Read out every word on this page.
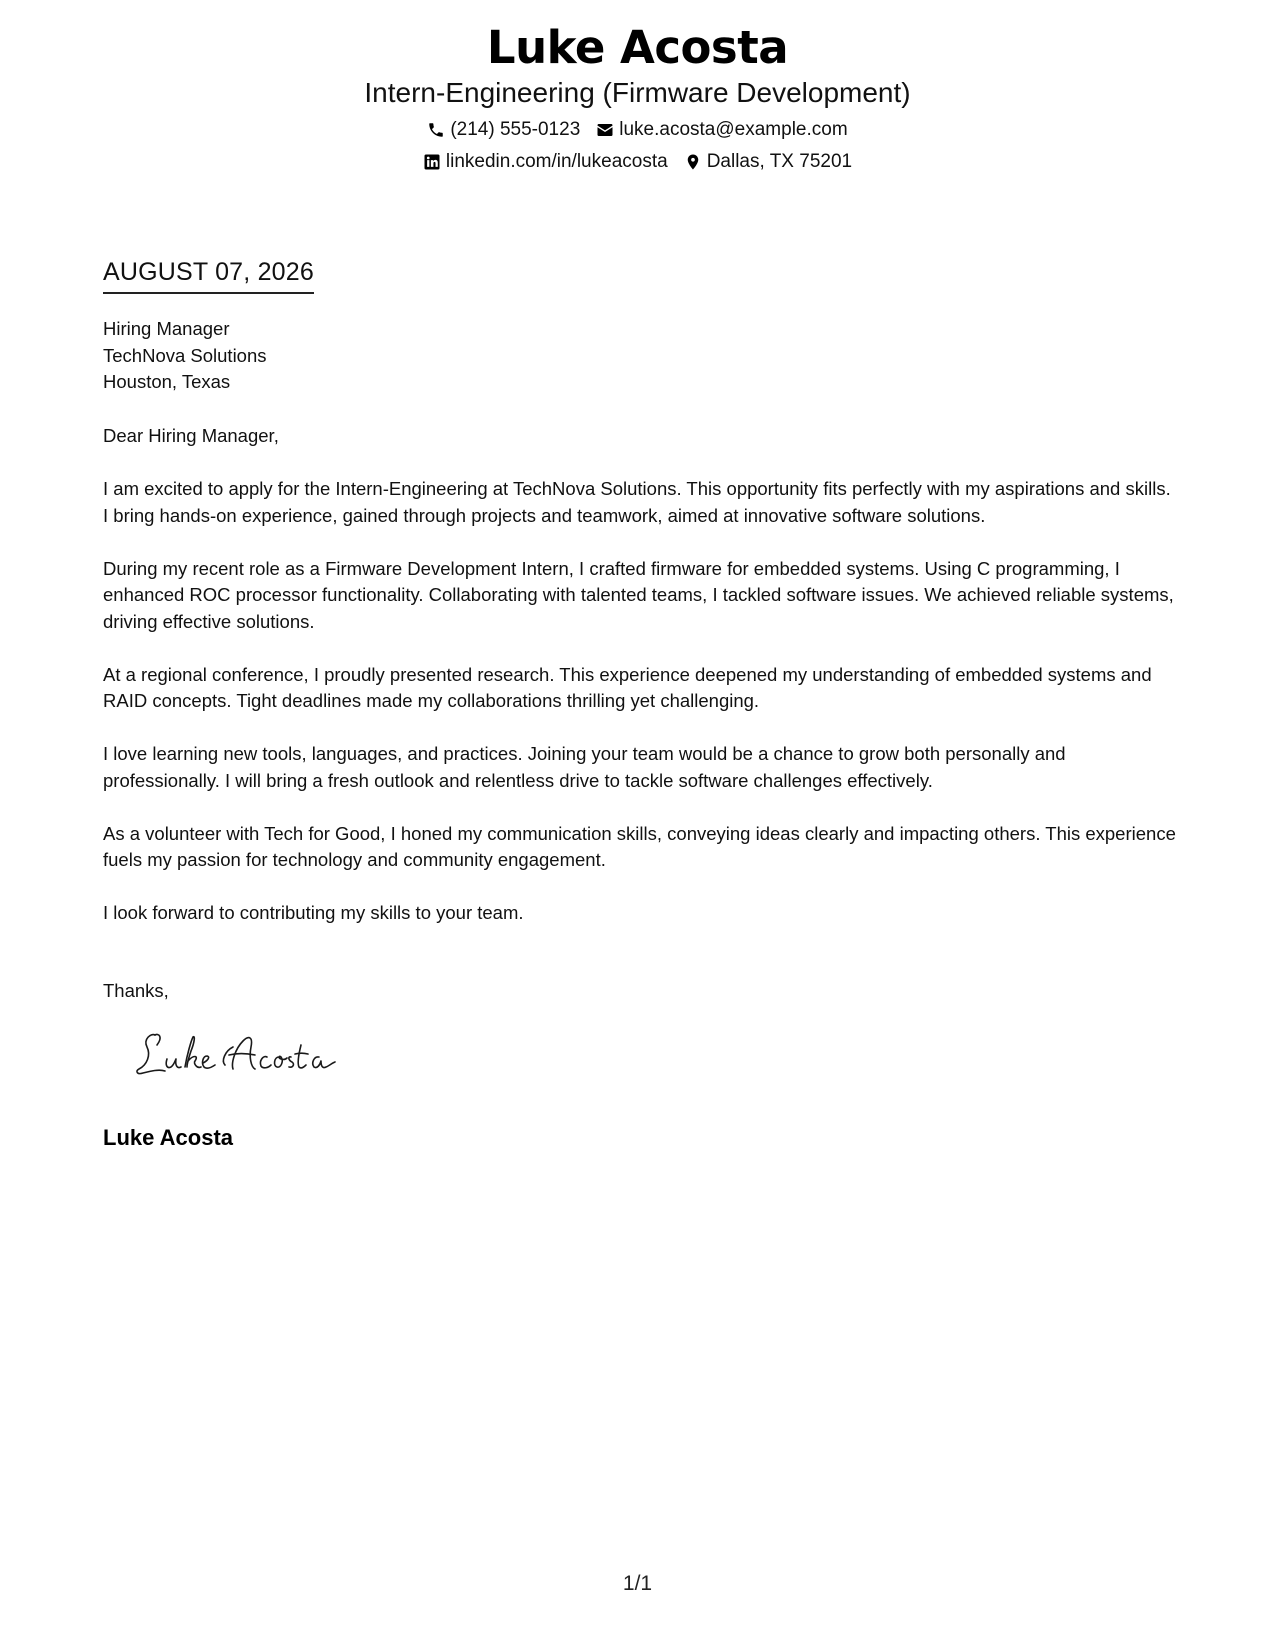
Luke Acosta
Intern-Engineering (Firmware Development)
(214) 555-0123 luke.acosta@example.com
linkedin.com/in/lukeacosta Dallas, TX 75201
AUGUST 07, 2026
Hiring Manager
TechNova Solutions
Houston, Texas
Dear Hiring Manager,

I am excited to apply for the Intern-Engineering at TechNova Solutions. This opportunity fits perfectly with my aspirations and skills. I bring hands-on experience, gained through projects and teamwork, aimed at innovative software solutions.

During my recent role as a Firmware Development Intern, I crafted firmware for embedded systems. Using C programming, I enhanced ROC processor functionality. Collaborating with talented teams, I tackled software issues. We achieved reliable systems, driving effective solutions.

At a regional conference, I proudly presented research. This experience deepened my understanding of embedded systems and RAID concepts. Tight deadlines made my collaborations thrilling yet challenging.

I love learning new tools, languages, and practices. Joining your team would be a chance to grow both personally and professionally. I will bring a fresh outlook and relentless drive to tackle software challenges effectively.

As a volunteer with Tech for Good, I honed my communication skills, conveying ideas clearly and impacting others. This experience fuels my passion for technology and community engagement.

I look forward to contributing my skills to your team.

Thanks,
Luke Acosta
1/1
